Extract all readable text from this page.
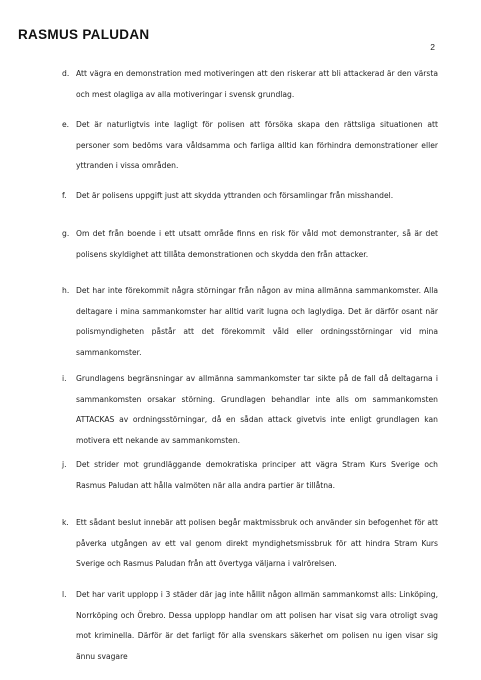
RASMUS PALUDAN
2
d. Att vägra en demonstration med motiveringen att den riskerar att bli attackerad är den värsta och mest olagliga av alla motiveringar i svensk grundlag.
e. Det är naturligtvis inte lagligt för polisen att försöka skapa den rättsliga situationen att personer som bedöms vara våldsamma och farliga alltid kan förhindra demonstrationer eller yttranden i vissa områden.
f. Det är polisens uppgift just att skydda yttranden och församlingar från misshandel.
g. Om det från boende i ett utsatt område finns en risk för våld mot demonstranter, så är det polisens skyldighet att tillåta demonstrationen och skydda den från attacker.
h. Det har inte förekommit några störningar från någon av mina allmänna sammankomster. Alla deltagare i mina sammankomster har alltid varit lugna och laglydiga. Det är därför osant när polismyndigheten påstår att det förekommit våld eller ordningsstörningar vid mina sammankomster.
i. Grundlagens begränsningar av allmänna sammankomster tar sikte på de fall då deltagarna i sammankomsten orsakar störning. Grundlagen behandlar inte alls om sammankomsten ATTACKAS av ordningsstörningar, då en sådan attack givetvis inte enligt grundlagen kan motivera ett nekande av sammankomsten.
j. Det strider mot grundläggande demokratiska principer att vägra Stram Kurs Sverige och Rasmus Paludan att hålla valmöten när alla andra partier är tillåtna.
k. Ett sådant beslut innebär att polisen begår maktmissbruk och använder sin befogenhet för att påverka utgången av ett val genom direkt myndighetsmissbruk för att hindra Stram Kurs Sverige och Rasmus Paludan från att övertyga väljarna i valrörelsen.
l. Det har varit upplopp i 3 städer där jag inte hållit någon allmän sammankomst alls: Linköping, Norrköping och Örebro. Dessa upplopp handlar om att polisen har visat sig vara otroligt svag mot kriminella. Därför är det farligt för alla svenskars säkerhet om polisen nu igen visar sig ännu svagare
